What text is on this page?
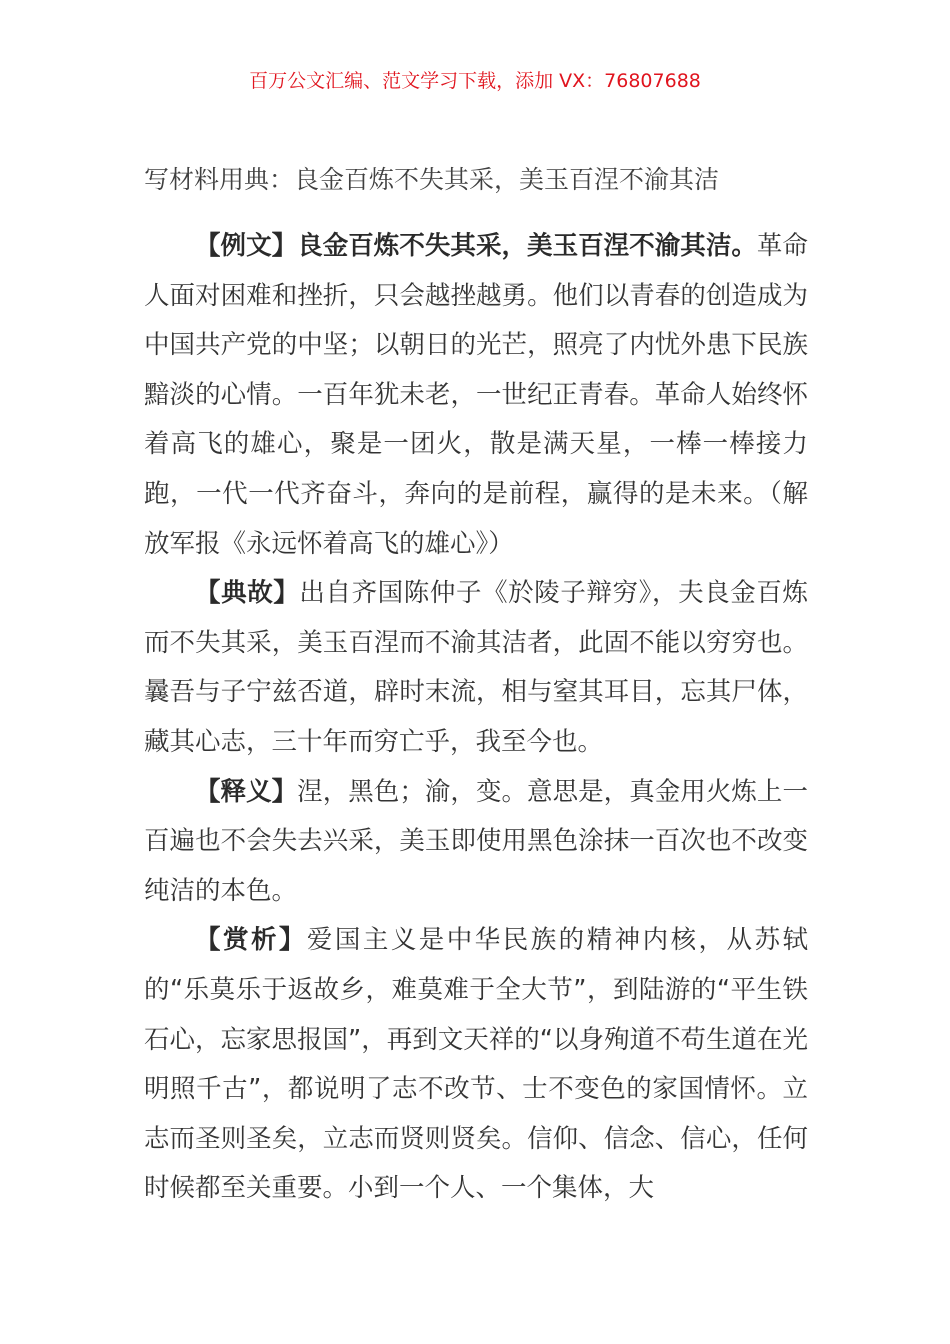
百万公文汇编、范文学习下载，添加 VX：76807688
写材料用典：良金百炼不失其采，美玉百涅不渝其洁

【例文】良金百炼不失其采，美玉百涅不渝其洁。革命人面对困难和挫折，只会越挫越勇。他们以青春的创造成为中国共产党的中坚；以朝日的光芒，照亮了内忧外患下民族黯淡的心情。一百年犹未老，一世纪正青春。革命人始终怀着高飞的雄心，聚是一团火，散是满天星，一棒一棒接力跑，一代一代齐奋斗，奔向的是前程，赢得的是未来。（解放军报《永远怀着高飞的雄心》）

【典故】出自齐国陈仲子《於陵子辩穷》，夫良金百炼而不失其采，美玉百涅而不渝其洁者，此固不能以穷穷也。曩吾与子宁兹否道，辟时末流，相与窒其耳目，忘其尸体，藏其心志，三十年而穷亡乎，我至今也。

【释义】涅，黑色；渝，变。意思是，真金用火炼上一百遍也不会失去兴采，美玉即使用黑色涂抹一百次也不改变纯洁的本色。

【赏析】爱国主义是中华民族的精神内核，从苏轼的“乐莫乐于返故乡，难莫难于全大节”，到陆游的“平生铁石心，忘家思报国”，再到文天祥的“以身殉道不苟生道在光明照千古”，都说明了志不改节、士不变色的家国情怀。立志而圣则圣矣，立志而贤则贤矣。信仰、信念、信心，任何时候都至关重要。小到一个人、一个集体，大
